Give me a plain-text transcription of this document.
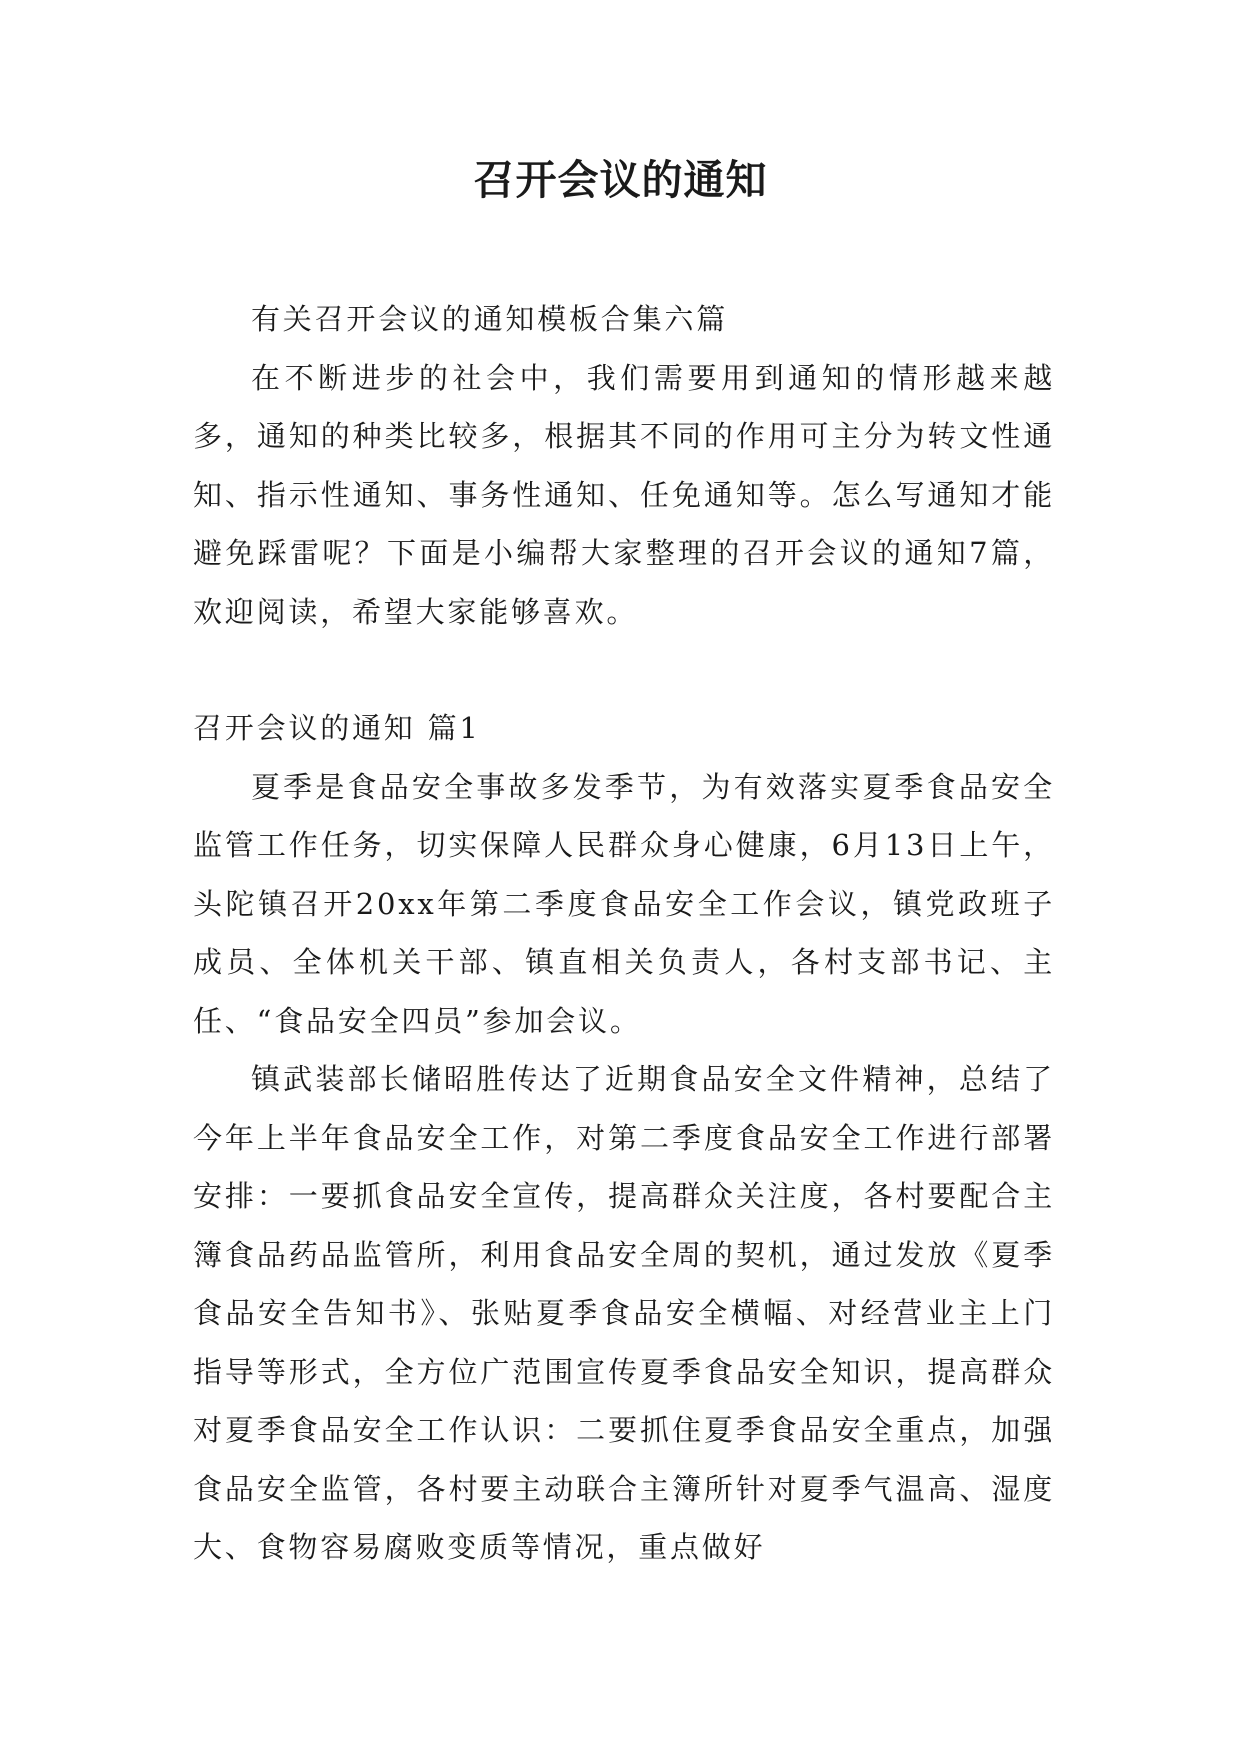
召开会议的通知

有关召开会议的通知模板合集六篇

在不断进步的社会中，我们需要用到通知的情形越来越多，通知的种类比较多，根据其不同的作用可主分为转文性通知、指示性通知、事务性通知、任免通知等。怎么写通知才能避免踩雷呢？下面是小编帮大家整理的召开会议的通知7篇，欢迎阅读，希望大家能够喜欢。

召开会议的通知 篇1

夏季是食品安全事故多发季节，为有效落实夏季食品安全监管工作任务，切实保障人民群众身心健康，6月13日上午，头陀镇召开20xx年第二季度食品安全工作会议，镇党政班子成员、全体机关干部、镇直相关负责人，各村支部书记、主任、“食品安全四员”参加会议。

镇武装部长储昭胜传达了近期食品安全文件精神，总结了今年上半年食品安全工作，对第二季度食品安全工作进行部署安排：一要抓食品安全宣传，提高群众关注度，各村要配合主簿食品药品监管所，利用食品安全周的契机，通过发放《夏季食品安全告知书》、张贴夏季食品安全横幅、对经营业主上门指导等形式，全方位广范围宣传夏季食品安全知识，提高群众对夏季食品安全工作认识：二要抓住夏季食品安全重点，加强食品安全监管，各村要主动联合主簿所针对夏季气温高、湿度大、食物容易腐败变质等情况，重点做好
